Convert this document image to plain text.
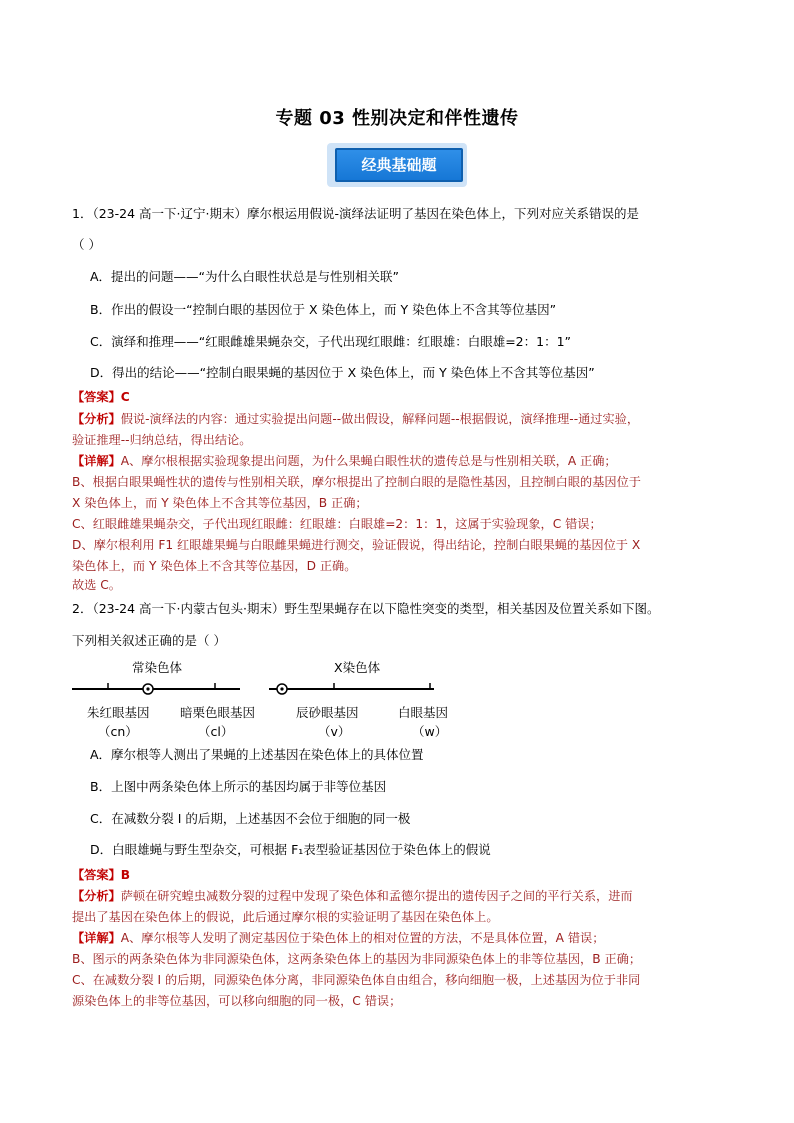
专题 03 性别决定和伴性遗传
经典基础题
1．（23-24 高一下·辽宁·期末）摩尔根运用假说-演绎法证明了基因在染色体上，下列对应关系错误的是
（ ）
A．提出的问题——“为什么白眼性状总是与性别相关联”
B．作出的假设一“控制白眼的基因位于 X 染色体上，而 Y 染色体上不含其等位基因”
C．演绎和推理——“红眼雌雄果蝇杂交，子代出现红眼雌：红眼雄：白眼雄=2：1：1”
D．得出的结论——“控制白眼果蝇的基因位于 X 染色体上，而 Y 染色体上不含其等位基因”
【答案】C
【分析】假说-演绎法的内容：通过实验提出问题--做出假设，解释问题--根据假说，演绎推理--通过实验，
验证推理--归纳总结，得出结论。
【详解】A、摩尔根根据实验现象提出问题，为什么果蝇白眼性状的遗传总是与性别相关联，A 正确；
B、根据白眼果蝇性状的遗传与性别相关联，摩尔根提出了控制白眼的是隐性基因，且控制白眼的基因位于
X 染色体上，而 Y 染色体上不含其等位基因，B 正确；
C、红眼雌雄果蝇杂交，子代出现红眼雌：红眼雄：白眼雄=2：1：1，这属于实验现象，C 错误；
D、摩尔根利用 F1 红眼雄果蝇与白眼雌果蝇进行测交，验证假说，得出结论，控制白眼果蝇的基因位于 X
染色体上，而 Y 染色体上不含其等位基因，D 正确。
故选 C。
2．（23-24 高一下·内蒙古包头·期末）野生型果蝇存在以下隐性突变的类型，相关基因及位置关系如下图。
下列相关叙述正确的是（ ）
常染色体	X染色体
朱红眼基因
（cn）
暗栗色眼基因
（cl）
辰砂眼基因
（v）
白眼基因
（w）
A．摩尔根等人测出了果蝇的上述基因在染色体上的具体位置
B．上图中两条染色体上所示的基因均属于非等位基因
C．在减数分裂 I 的后期，上述基因不会位于细胞的同一极
D．白眼雄蝇与野生型杂交，可根据 F₁表型验证基因位于染色体上的假说
【答案】B
【分析】萨顿在研究蝗虫减数分裂的过程中发现了染色体和孟德尔提出的遗传因子之间的平行关系，进而
提出了基因在染色体上的假说，此后通过摩尔根的实验证明了基因在染色体上。
【详解】A、摩尔根等人发明了测定基因位于染色体上的相对位置的方法，不是具体位置，A 错误；
B、图示的两条染色体为非同源染色体，这两条染色体上的基因为非同源染色体上的非等位基因，B 正确；
C、在减数分裂 I 的后期，同源染色体分离，非同源染色体自由组合，移向细胞一极，上述基因为位于非同
源染色体上的非等位基因，可以移向细胞的同一极，C 错误；
